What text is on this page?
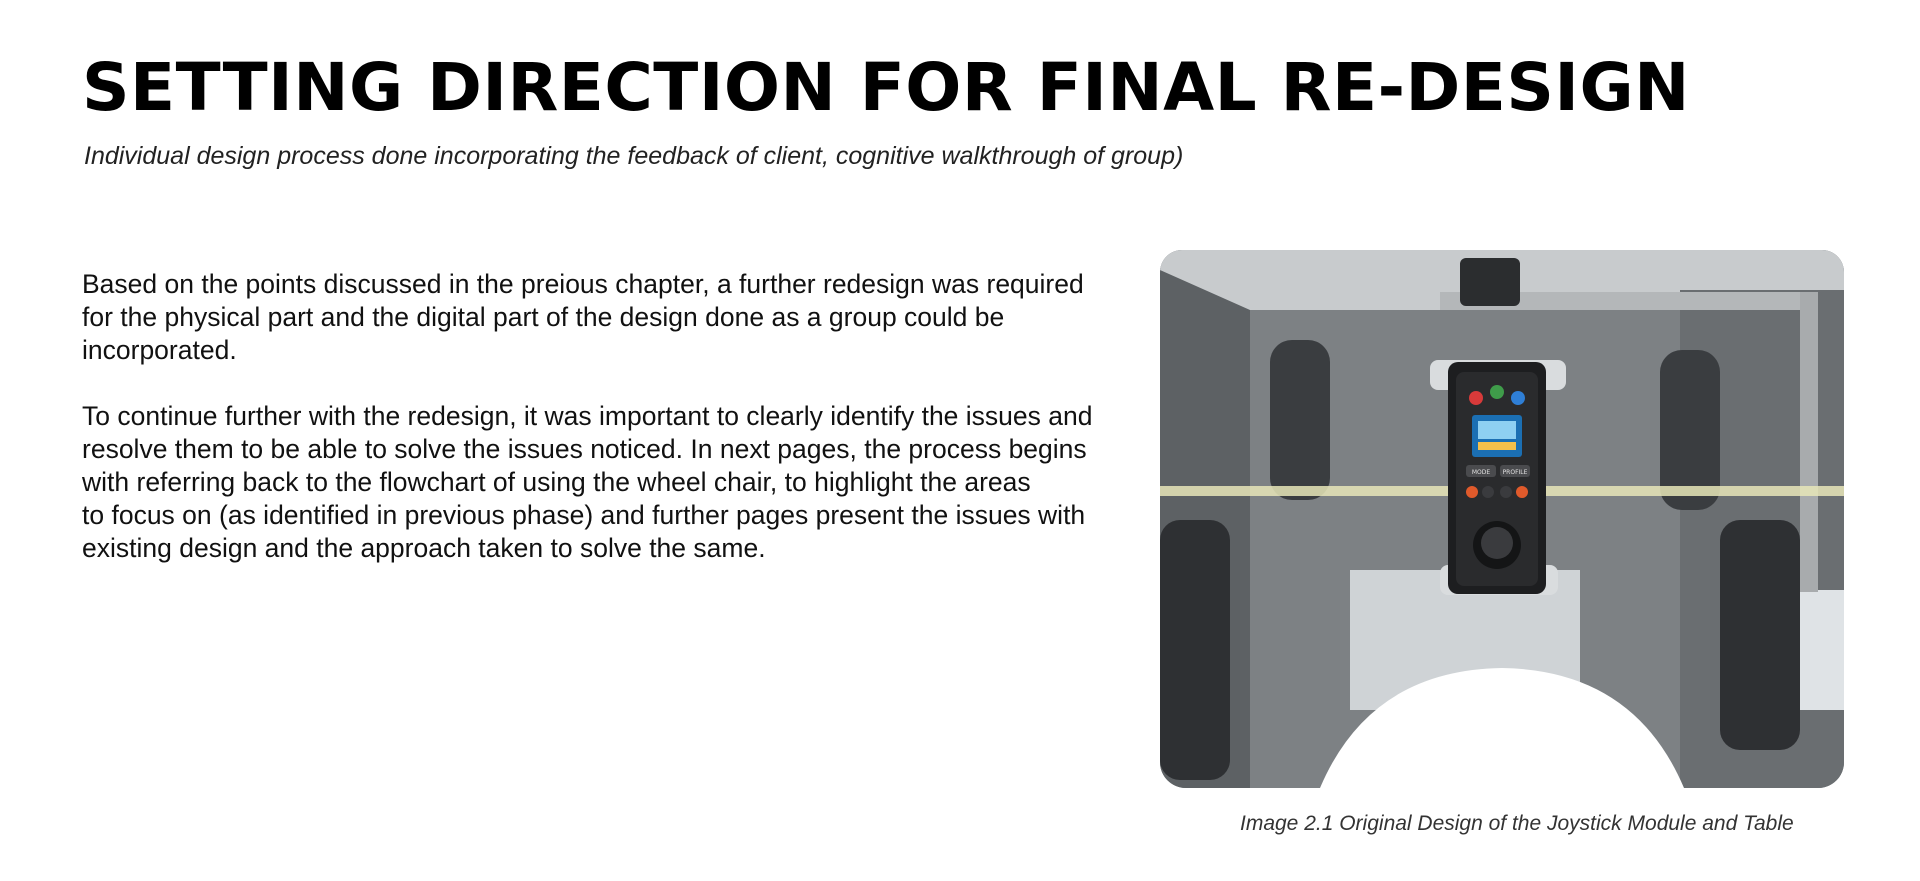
SETTING DIRECTION FOR FINAL RE-DESIGN

Individual design process done incorporating the feedback of client, cognitive walkthrough of group)

Based on the points discussed in the preious chapter, a further redesign was required
for the physical part and the digital part of the design done as a group could be
incorporated.

To continue further with the redesign, it was important to clearly identify the issues and
resolve them to be able to solve the issues noticed. In next pages, the process begins
with referring back to the flowchart of using the wheel chair, to highlight the areas
to focus on (as identified in previous phase) and further pages present the issues with
existing design and the approach taken to solve the same.

MODE PROFILE
Image 2.1 Original Design of the Joystick Module and Table
